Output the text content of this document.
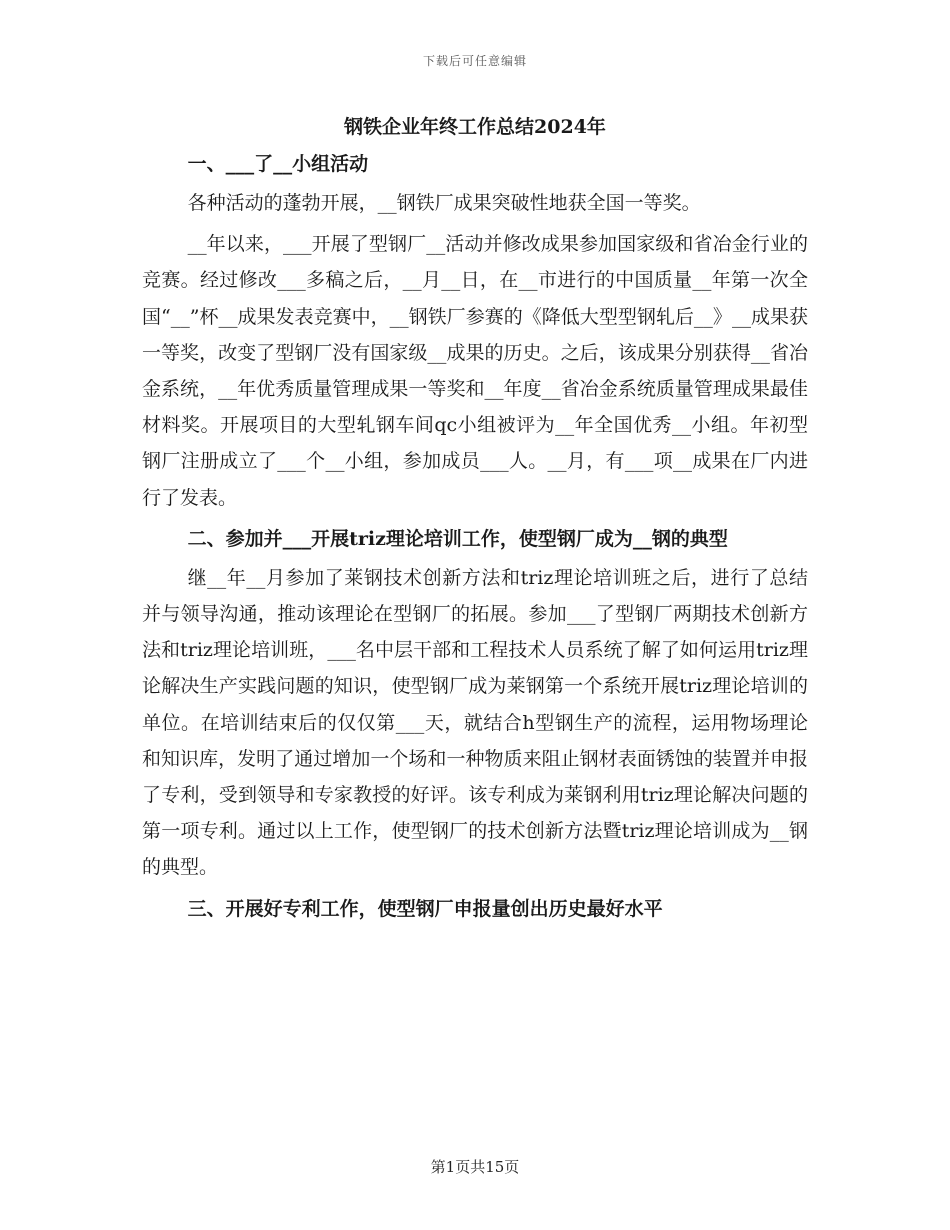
下载后可任意编辑
钢铁企业年终工作总结2024年
一、___了__小组活动

各种活动的蓬勃开展，__钢铁厂成果突破性地获全国一等奖。

__年以来，___开展了型钢厂__活动并修改成果参加国家级和省冶金行业的竞赛。经过修改___多稿之后，__月__日，在__市进行的中国质量__年第一次全国“__”杯__成果发表竞赛中，__钢铁厂参赛的《降低大型型钢轧后__》__成果获一等奖，改变了型钢厂没有国家级__成果的历史。之后，该成果分别获得__省冶金系统，__年优秀质量管理成果一等奖和__年度__省冶金系统质量管理成果最佳材料奖。开展项目的大型轧钢车间qc小组被评为__年全国优秀__小组。年初型钢厂注册成立了___个__小组，参加成员___人。__月，有___项__成果在厂内进行了发表。

二、参加并___开展triz理论培训工作，使型钢厂成为__钢的典型

继__年__月参加了莱钢技术创新方法和triz理论培训班之后，进行了总结并与领导沟通，推动该理论在型钢厂的拓展。参加___了型钢厂两期技术创新方法和triz理论培训班，___名中层干部和工程技术人员系统了解了如何运用triz理论解决生产实践问题的知识，使型钢厂成为莱钢第一个系统开展triz理论培训的单位。在培训结束后的仅仅第___天，就结合h型钢生产的流程，运用物场理论和知识库，发明了通过增加一个场和一种物质来阻止钢材表面锈蚀的装置并申报了专利，受到领导和专家教授的好评。该专利成为莱钢利用triz理论解决问题的第一项专利。通过以上工作，使型钢厂的技术创新方法暨triz理论培训成为__钢的典型。

三、开展好专利工作，使型钢厂申报量创出历史最好水平
第1页共15页
